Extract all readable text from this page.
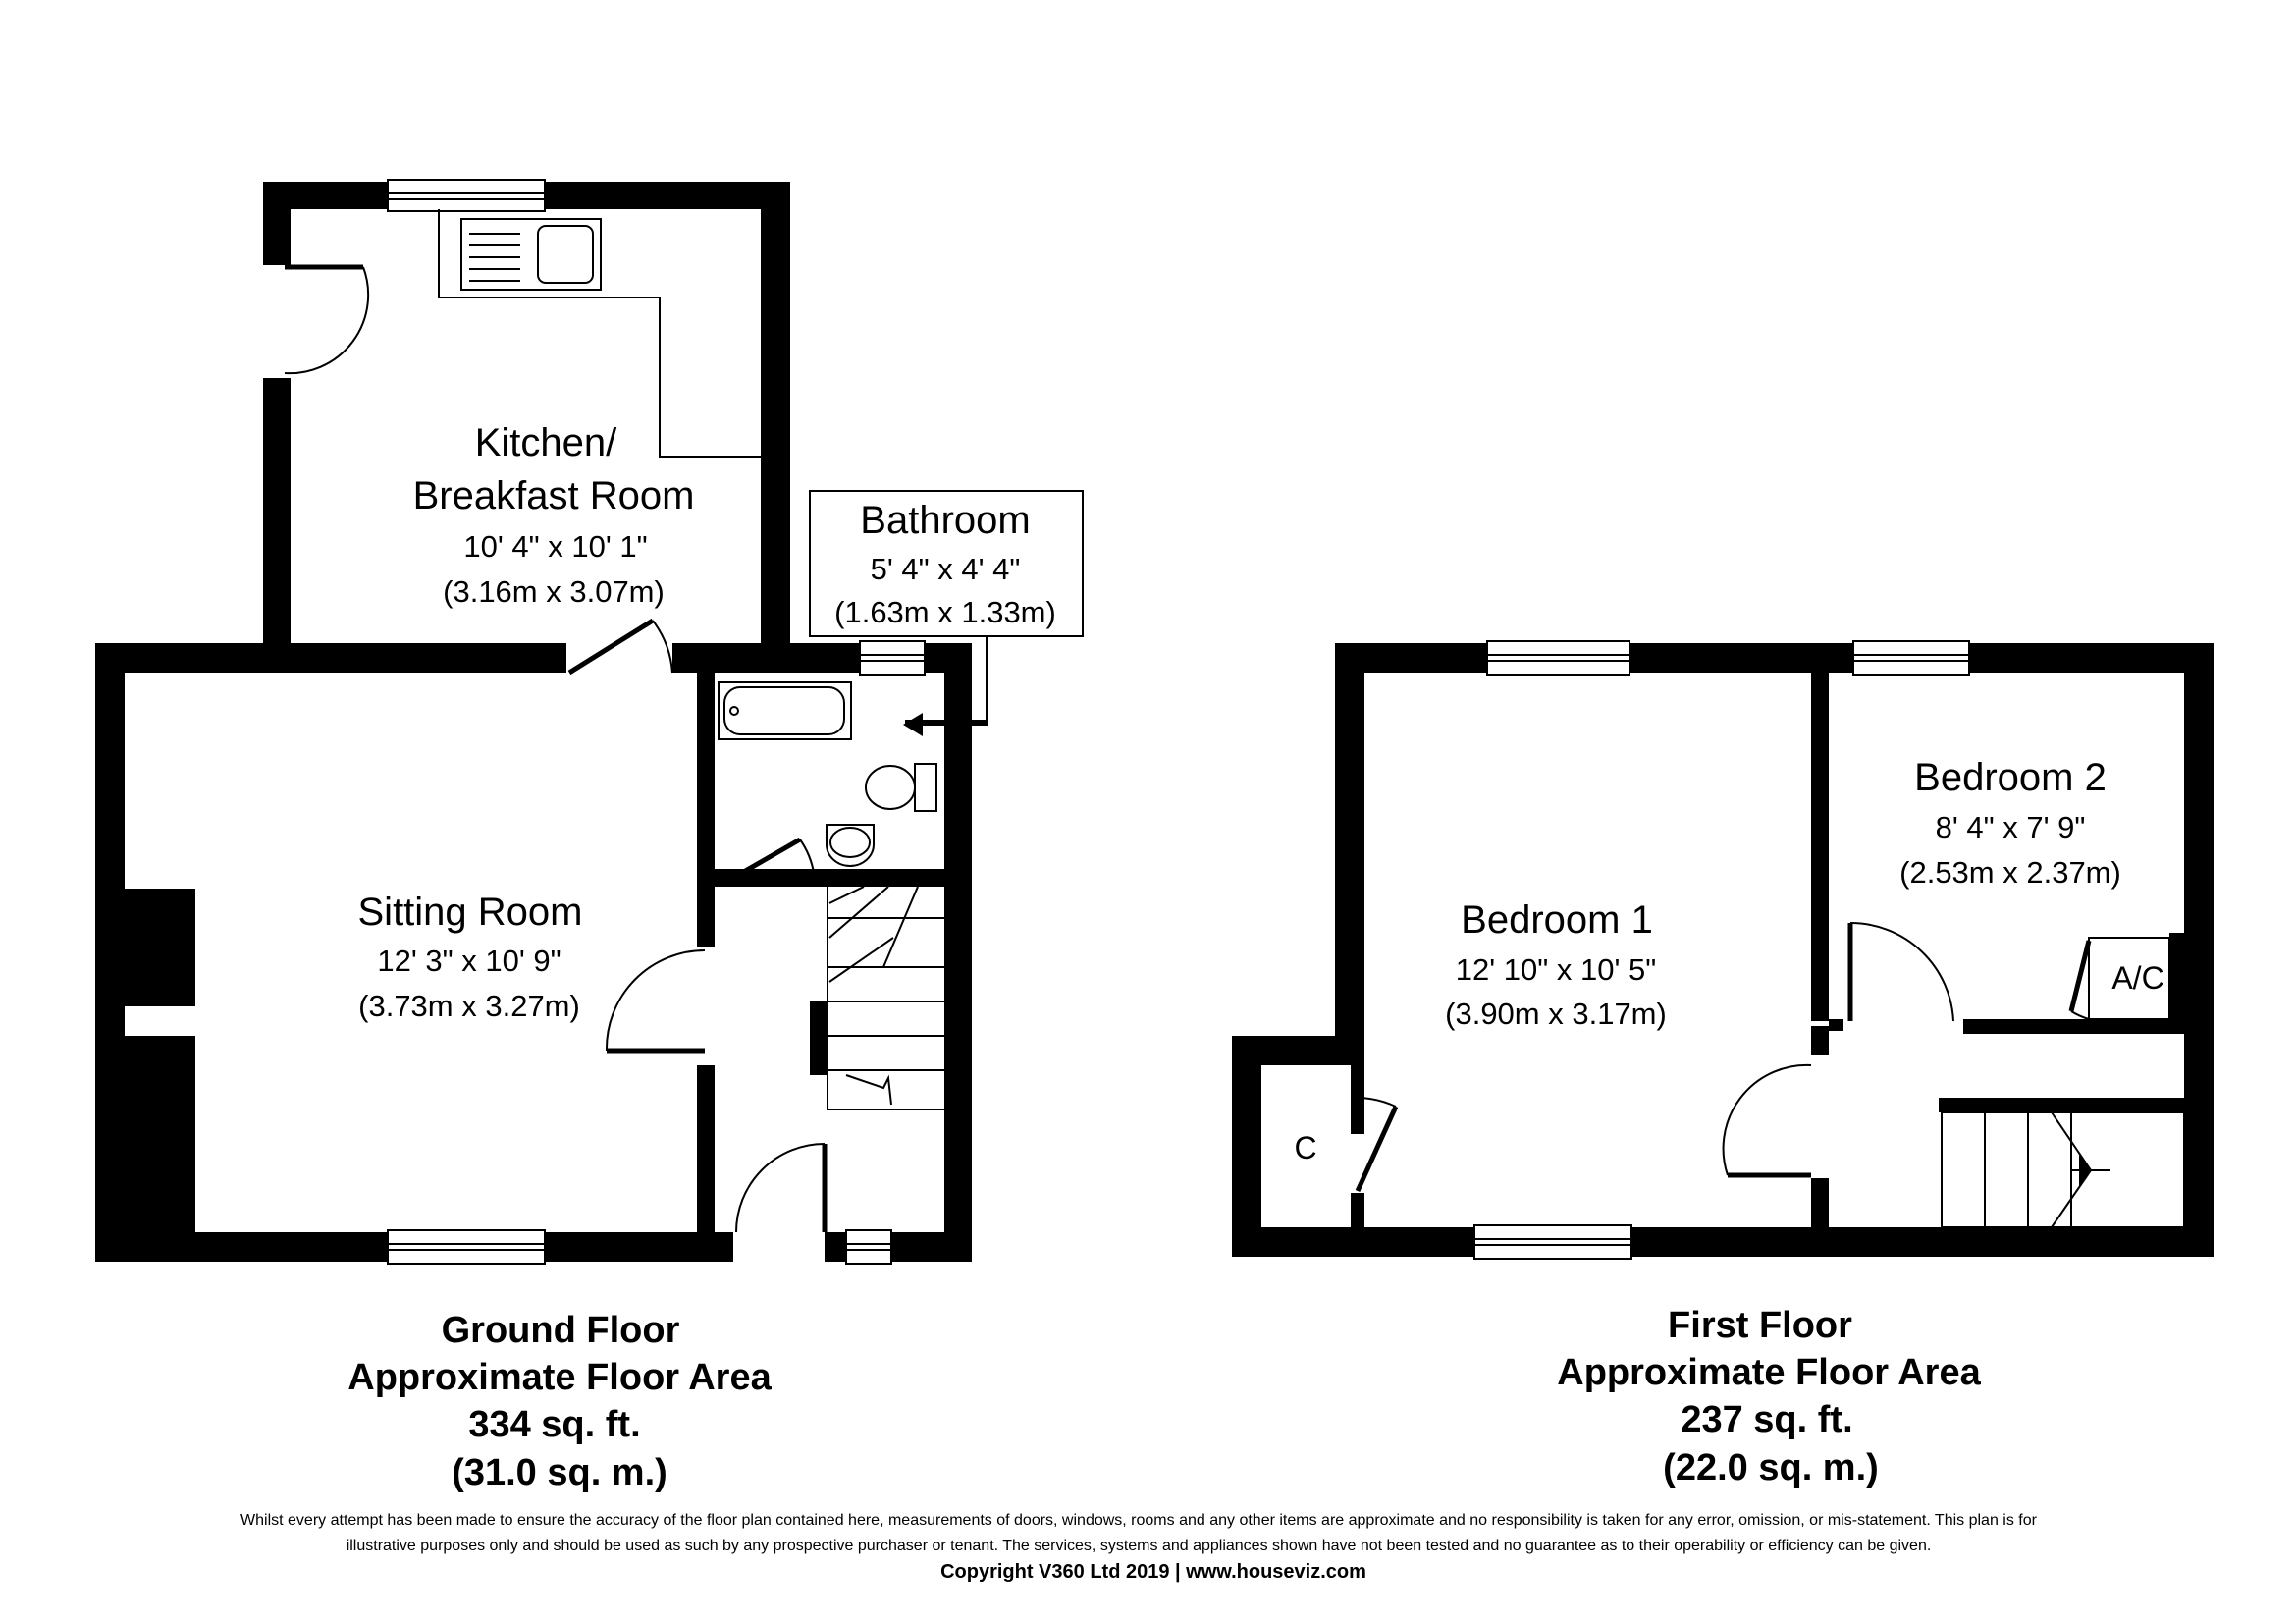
Kitchen/
Breakfast Room
10' 4" x 10' 1"
(3.16m x 3.07m)
Bathroom
5' 4" x 4' 4"
(1.63m x 1.33m)
Sitting Room
12' 3" x 10' 9"
(3.73m x 3.27m)
Ground Floor
Approximate Floor Area
334 sq. ft.
(31.0 sq. m.)
Bedroom 1
12' 10" x 10' 5"
(3.90m x 3.17m)
Bedroom 2
8' 4" x 7' 9"
(2.53m x 2.37m)
C
A/C
First Floor
Approximate Floor Area
237 sq. ft.
(22.0 sq. m.)
Whilst every attempt has been made to ensure the accuracy of the floor plan contained here, measurements of doors, windows, rooms and any other items are approximate and no responsibility is taken for any error, omission, or mis-statement. This plan is for
illustrative purposes only and should be used as such by any prospective purchaser or tenant. The services, systems and appliances shown have not been tested and no guarantee as to their operability or efficiency can be given.
Copyright V360 Ltd 2019 | www.houseviz.com
